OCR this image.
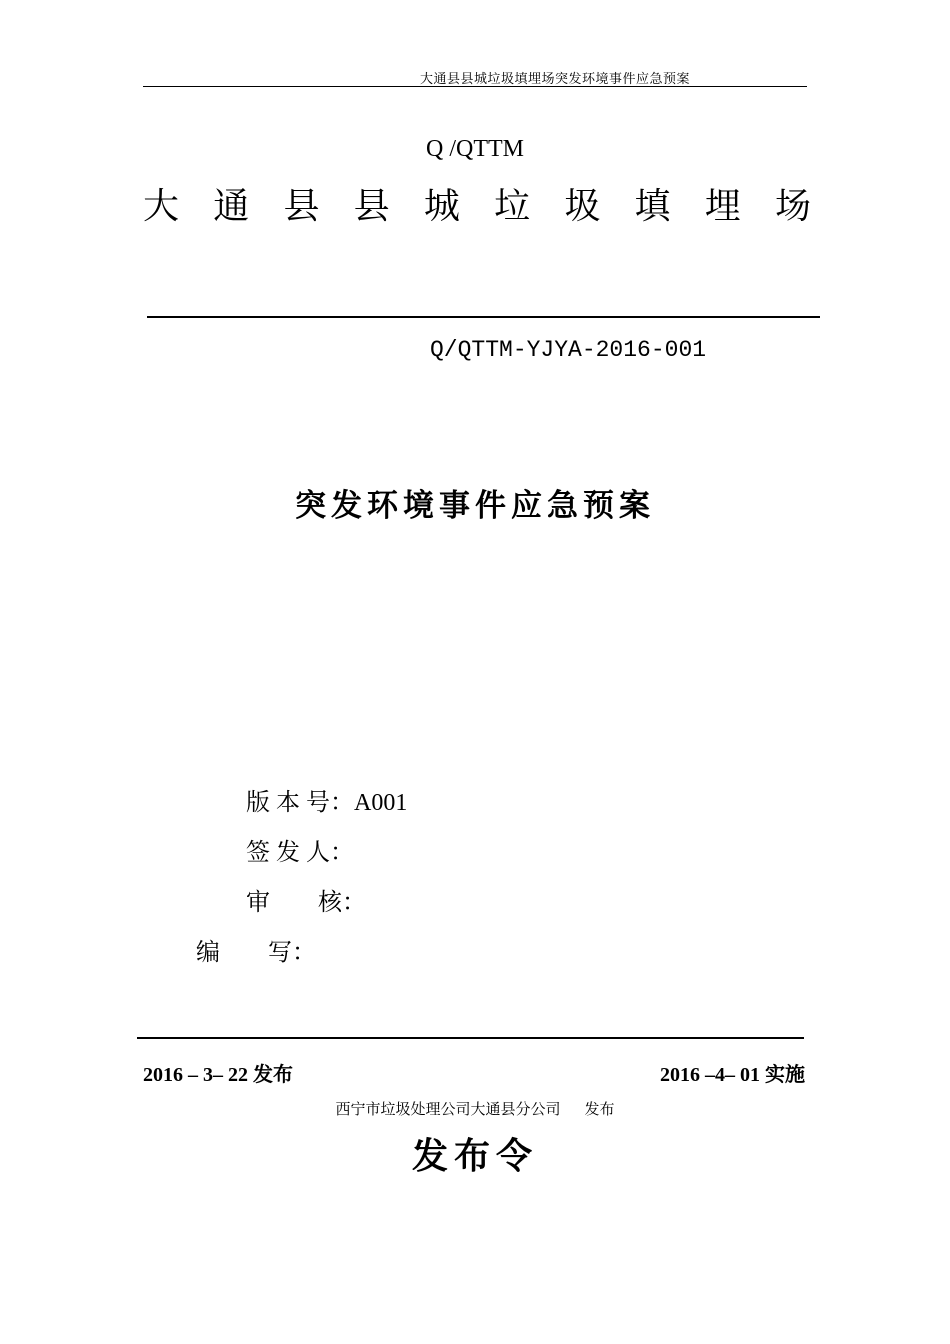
大通县县城垃圾填埋场突发环境事件应急预案
Q /QTTM
大 通 县 县 城 垃 圾 填 埋 场
Q/QTTM-YJYA-2016-001
突发环境事件应急预案
版 本 号：A001
签 发 人：
审　　核：
编　　写：
2016 – 3– 22 发布	2016 –4– 01 实施
西宁市垃圾处理公司大通县分公司 发布
发布令
